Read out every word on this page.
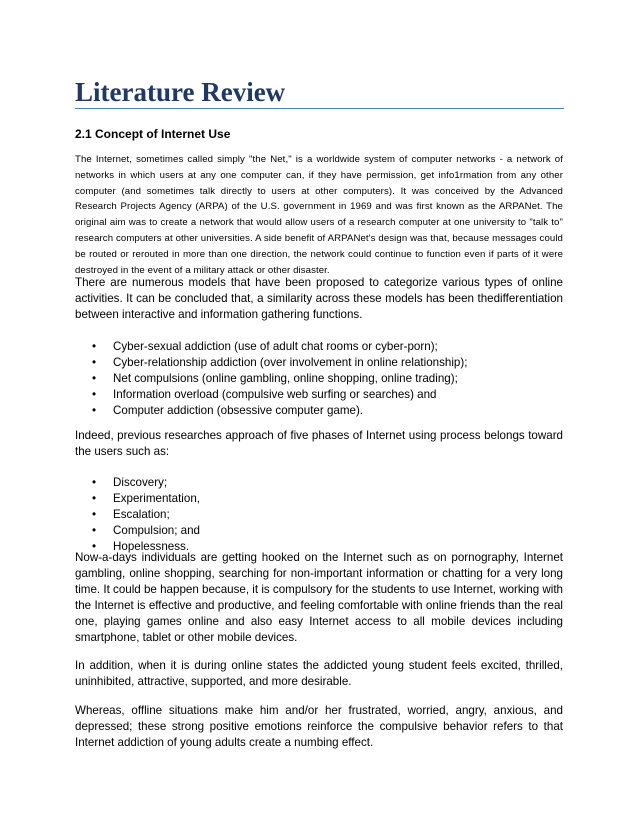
Literature Review

2.1 Concept of Internet Use

The Internet, sometimes called simply "the Net," is a worldwide system of computer networks - a network of networks in which users at any one computer can, if they have permission, get info1rmation from any other computer (and sometimes talk directly to users at other computers). It was conceived by the Advanced Research Projects Agency (ARPA) of the U.S. government in 1969 and was first known as the ARPANet. The original aim was to create a network that would allow users of a research computer at one university to "talk to" research computers at other universities. A side benefit of ARPANet's design was that, because messages could be routed or rerouted in more than one direction, the network could continue to function even if parts of it were destroyed in the event of a military attack or other disaster.

There are numerous models that have been proposed to categorize various types of online activities. It can be concluded that, a similarity across these models has been thedifferentiation between interactive and information gathering functions.

• Cyber-sexual addiction (use of adult chat rooms or cyber-porn);
• Cyber-relationship addiction (over involvement in online relationship);
• Net compulsions (online gambling, online shopping, online trading);
• Information overload (compulsive web surfing or searches) and
• Computer addiction (obsessive computer game).

Indeed, previous researches approach of five phases of Internet using process belongs toward the users such as:

• Discovery;
• Experimentation,
• Escalation;
• Compulsion; and
• Hopelessness.

Now-a-days individuals are getting hooked on the Internet such as on pornography, Internet gambling, online shopping, searching for non-important information or chatting for a very long time. It could be happen because, it is compulsory for the students to use Internet, working with the Internet is effective and productive, and feeling comfortable with online friends than the real one, playing games online and also easy Internet access to all mobile devices including smartphone, tablet or other mobile devices.

In addition, when it is during online states the addicted young student feels excited, thrilled, uninhibited, attractive, supported, and more desirable.

Whereas, offline situations make him and/or her frustrated, worried, angry, anxious, and depressed; these strong positive emotions reinforce the compulsive behavior refers to that Internet addiction of young adults create a numbing effect.
